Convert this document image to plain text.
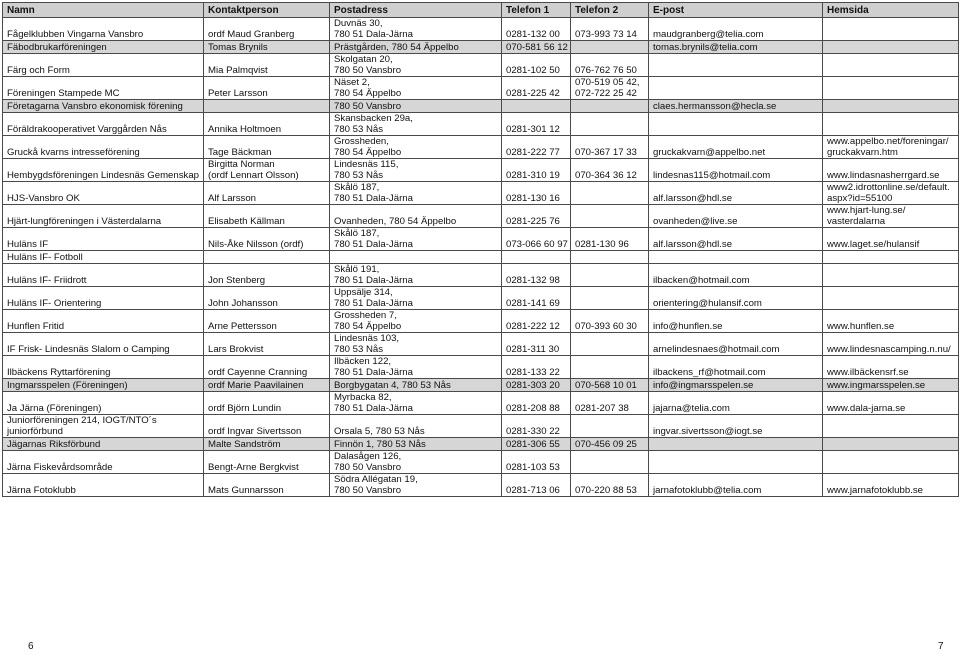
Namn	Kontaktperson	Postadress	Telefon 1	Telefon 2	E-post	Hemsida

Fågelklubben Vingarna Vansbro	ordf Maud Granberg	Duvnäs 30,
780 51 Dala-Järna	0281-132 00	073-993 73 14	maudgranberg@telia.com	

Fäbodbrukarföreningen	Tomas Brynils	Prästgården, 780 54 Äppelbo	070-581 56 12		tomas.brynils@telia.com	

Färg och Form	Mia Palmqvist	Skolgatan 20,
780 50 Vansbro	0281-102 50	076-762 76 50		

Föreningen Stampede MC	Peter Larsson	Näset 2,
780 54 Äppelbo	0281-225 42	070-519 05 42,
072-722 25 42		

Företagarna Vansbro ekonomisk förening		780 50 Vansbro			claes.hermansson@hecla.se	

Föräldrakooperativet Varggården Nås	Annika Holtmoen	Skansbacken 29a,
780 53 Nås	0281-301 12			

Gruckå kvarns intresseförening	Tage Bäckman	Grossheden,
780 54 Äppelbo	0281-222 77	070-367 17 33	gruckakvarn@appelbo.net	www.appelbo.net/foreningar/
gruckakvarn.htm

Hembygdsföreningen Lindesnäs Gemenskap	Birgitta Norman
(ordf Lennart Olsson)	Lindesnäs 115,
780 53 Nås	0281-310 19	070-364 36 12	lindesnas115@hotmail.com	www.lindasnasherrgard.se

HJS-Vansbro OK	Alf Larsson	Skålö 187,
780 51 Dala-Järna	0281-130 16		alf.larsson@hdl.se	www2.idrottonline.se/default.
aspx?id=55100

Hjärt-lungföreningen i Västerdalarna	Elisabeth Källman	Ovanheden, 780 54 Äppelbo	0281-225 76		ovanheden@live.se	www.hjart-lung.se/
vasterdalarna

Huläns IF	Nils-Åke Nilsson (ordf)	Skålö 187,
780 51 Dala-Järna	073-066 60 97	0281-130 96	alf.larsson@hdl.se	www.laget.se/hulansif

Huläns IF- Fotboll						

Huläns IF- Friidrott	Jon Stenberg	Skålö 191,
780 51 Dala-Järna	0281-132 98		ilbacken@hotmail.com	

Huläns IF- Orientering	John Johansson	Uppsälje 314,
780 51 Dala-Järna	0281-141 69		orientering@hulansif.com	

Hunflen Fritid	Arne Pettersson	Grossheden 7,
780 54 Äppelbo	0281-222 12	070-393 60 30	info@hunflen.se	www.hunflen.se

IF Frisk- Lindesnäs Slalom o Camping	Lars Brokvist	Lindesnäs 103,
780 53 Nås	0281-311 30		arnelindesnaes@hotmail.com	www.lindesnascamping.n.nu/

Ilbäckens Ryttarförening	ordf Cayenne Cranning	Ilbäcken 122,
780 51 Dala-Järna	0281-133 22		ilbackens_rf@hotmail.com	www.ilbäckensrf.se

Ingmarsspelen (Föreningen)	ordf Marie Paavilainen	Borgbygatan 4, 780 53 Nås	0281-303 20	070-568 10 01	info@ingmarsspelen.se	www.ingmarsspelen.se

Ja Järna (Föreningen)	ordf Björn Lundin	Myrbacka 82,
780 51 Dala-Järna	0281-208 88	0281-207 38	jajarna@telia.com	www.dala-jarna.se

Juniorföreningen 214, IOGT/NTO´s
juniorförbund	ordf Ingvar Sivertsson	Orsala 5, 780 53 Nås	0281-330 22		ingvar.sivertsson@iogt.se	

Jägarnas Riksförbund	Malte Sandström	Finnön 1, 780 53 Nås	0281-306 55	070-456 09 25		

Järna Fiskevårdsområde	Bengt-Arne Bergkvist	Dalasågen 126,
780 50 Vansbro	0281-103 53			

Järna Fotoklubb	Mats Gunnarsson	Södra Allégatan 19,
780 50 Vansbro	0281-713 06	070-220 88 53	jarnafotoklubb@telia.com	www.jarnafotoklubb.se
6	7
